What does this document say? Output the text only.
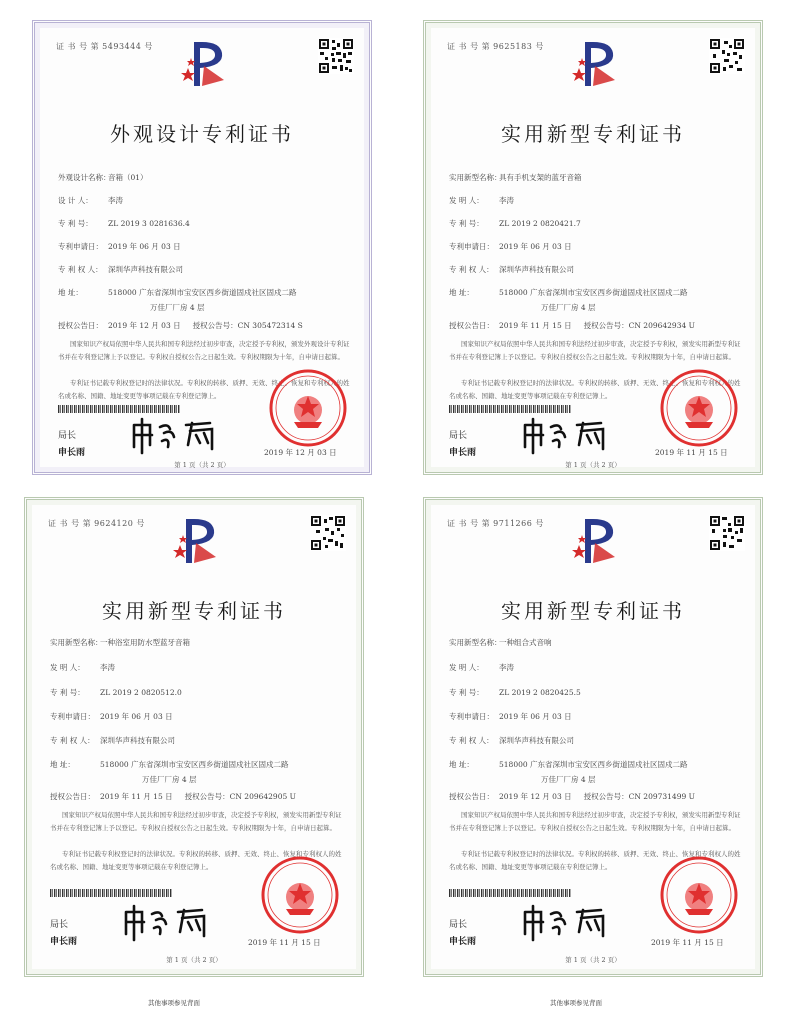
证 书 号 第 5493444 号
外观设计专利证书
外观设计名称：音箱（01）
设 计 人： 李涛
专 利 号： ZL 2019 3 0281636.4
专利申请日： 2019 年 06 月 03 日
专 利 权 人： 深圳华声科技有限公司
地 址：	518000 广东省深圳市宝安区西乡街道固戍社区固戍二路
万佳厂厂房 4 层
授权公告日： 2019 年 12 月 03 日 授权公告号：CN 305472314 S
国家知识产权局依照中华人民共和国专利法经过初步审查，决定授予专利权，颁发外观设计专利证书并在专利登记簿上予以登记。专利权自授权公告之日起生效。专利权期限为十年，自申请日起算。
专利证书记载专利权登记时的法律状况。专利权的转移、质押、无效、终止、恢复和专利权人的姓名或名称、国籍、地址变更等事项记载在专利登记簿上。
局长
申长雨	2019 年 12 月 03 日
第 1 页（共 2 页）
证 书 号 第 9625183 号
实用新型专利证书
实用新型名称：具有手机支架的蓝牙音箱
发 明 人： 李涛
专 利 号： ZL 2019 2 0820421.7
专利申请日： 2019 年 06 月 03 日
专 利 权 人： 深圳华声科技有限公司
地 址：	518000 广东省深圳市宝安区西乡街道固戍社区固戍二路
万佳厂厂房 4 层
授权公告日： 2019 年 11 月 15 日 授权公告号：CN 209642934 U
国家知识产权局依照中华人民共和国专利法经过初步审查，决定授予专利权，颁发实用新型专利证书并在专利登记簿上予以登记。专利权自授权公告之日起生效。专利权期限为十年，自申请日起算。
专利证书记载专利权登记时的法律状况。专利权的转移、质押、无效、终止、恢复和专利权人的姓名或名称、国籍、地址变更等事项记载在专利登记簿上。
局长
申长雨	2019 年 11 月 15 日
第 1 页（共 2 页）
证 书 号 第 9624120 号
实用新型专利证书
实用新型名称：一种浴室用防水型蓝牙音箱
发 明 人： 李涛
专 利 号： ZL 2019 2 0820512.0
专利申请日： 2019 年 06 月 03 日
专 利 权 人： 深圳华声科技有限公司
地 址：	518000 广东省深圳市宝安区西乡街道固戍社区固戍二路
万佳厂厂房 4 层
授权公告日： 2019 年 11 月 15 日 授权公告号：CN 209642905 U
国家知识产权局依照中华人民共和国专利法经过初步审查，决定授予专利权，颁发实用新型专利证书并在专利登记簿上予以登记。专利权自授权公告之日起生效。专利权期限为十年，自申请日起算。
专利证书记载专利权登记时的法律状况。专利权的转移、质押、无效、终止、恢复和专利权人的姓名或名称、国籍、地址变更等事项记载在专利登记簿上。
局长
申长雨	2019 年 11 月 15 日
第 1 页（共 2 页）
证 书 号 第 9711266 号
实用新型专利证书
实用新型名称：一种组合式音响
发 明 人： 李涛
专 利 号： ZL 2019 2 0820425.5
专利申请日： 2019 年 06 月 03 日
专 利 权 人： 深圳华声科技有限公司
地 址：	518000 广东省深圳市宝安区西乡街道固戍社区固戍二路
万佳厂厂房 4 层
授权公告日： 2019 年 12 月 03 日 授权公告号：CN 209731499 U
国家知识产权局依照中华人民共和国专利法经过初步审查，决定授予专利权，颁发实用新型专利证书并在专利登记簿上予以登记。专利权自授权公告之日起生效。专利权期限为十年，自申请日起算。
专利证书记载专利权登记时的法律状况。专利权的转移、质押、无效、终止、恢复和专利权人的姓名或名称、国籍、地址变更等事项记载在专利登记簿上。
局长
申长雨	2019 年 11 月 15 日
第 1 页（共 2 页）
其他事项参见背面	其他事项参见背面
